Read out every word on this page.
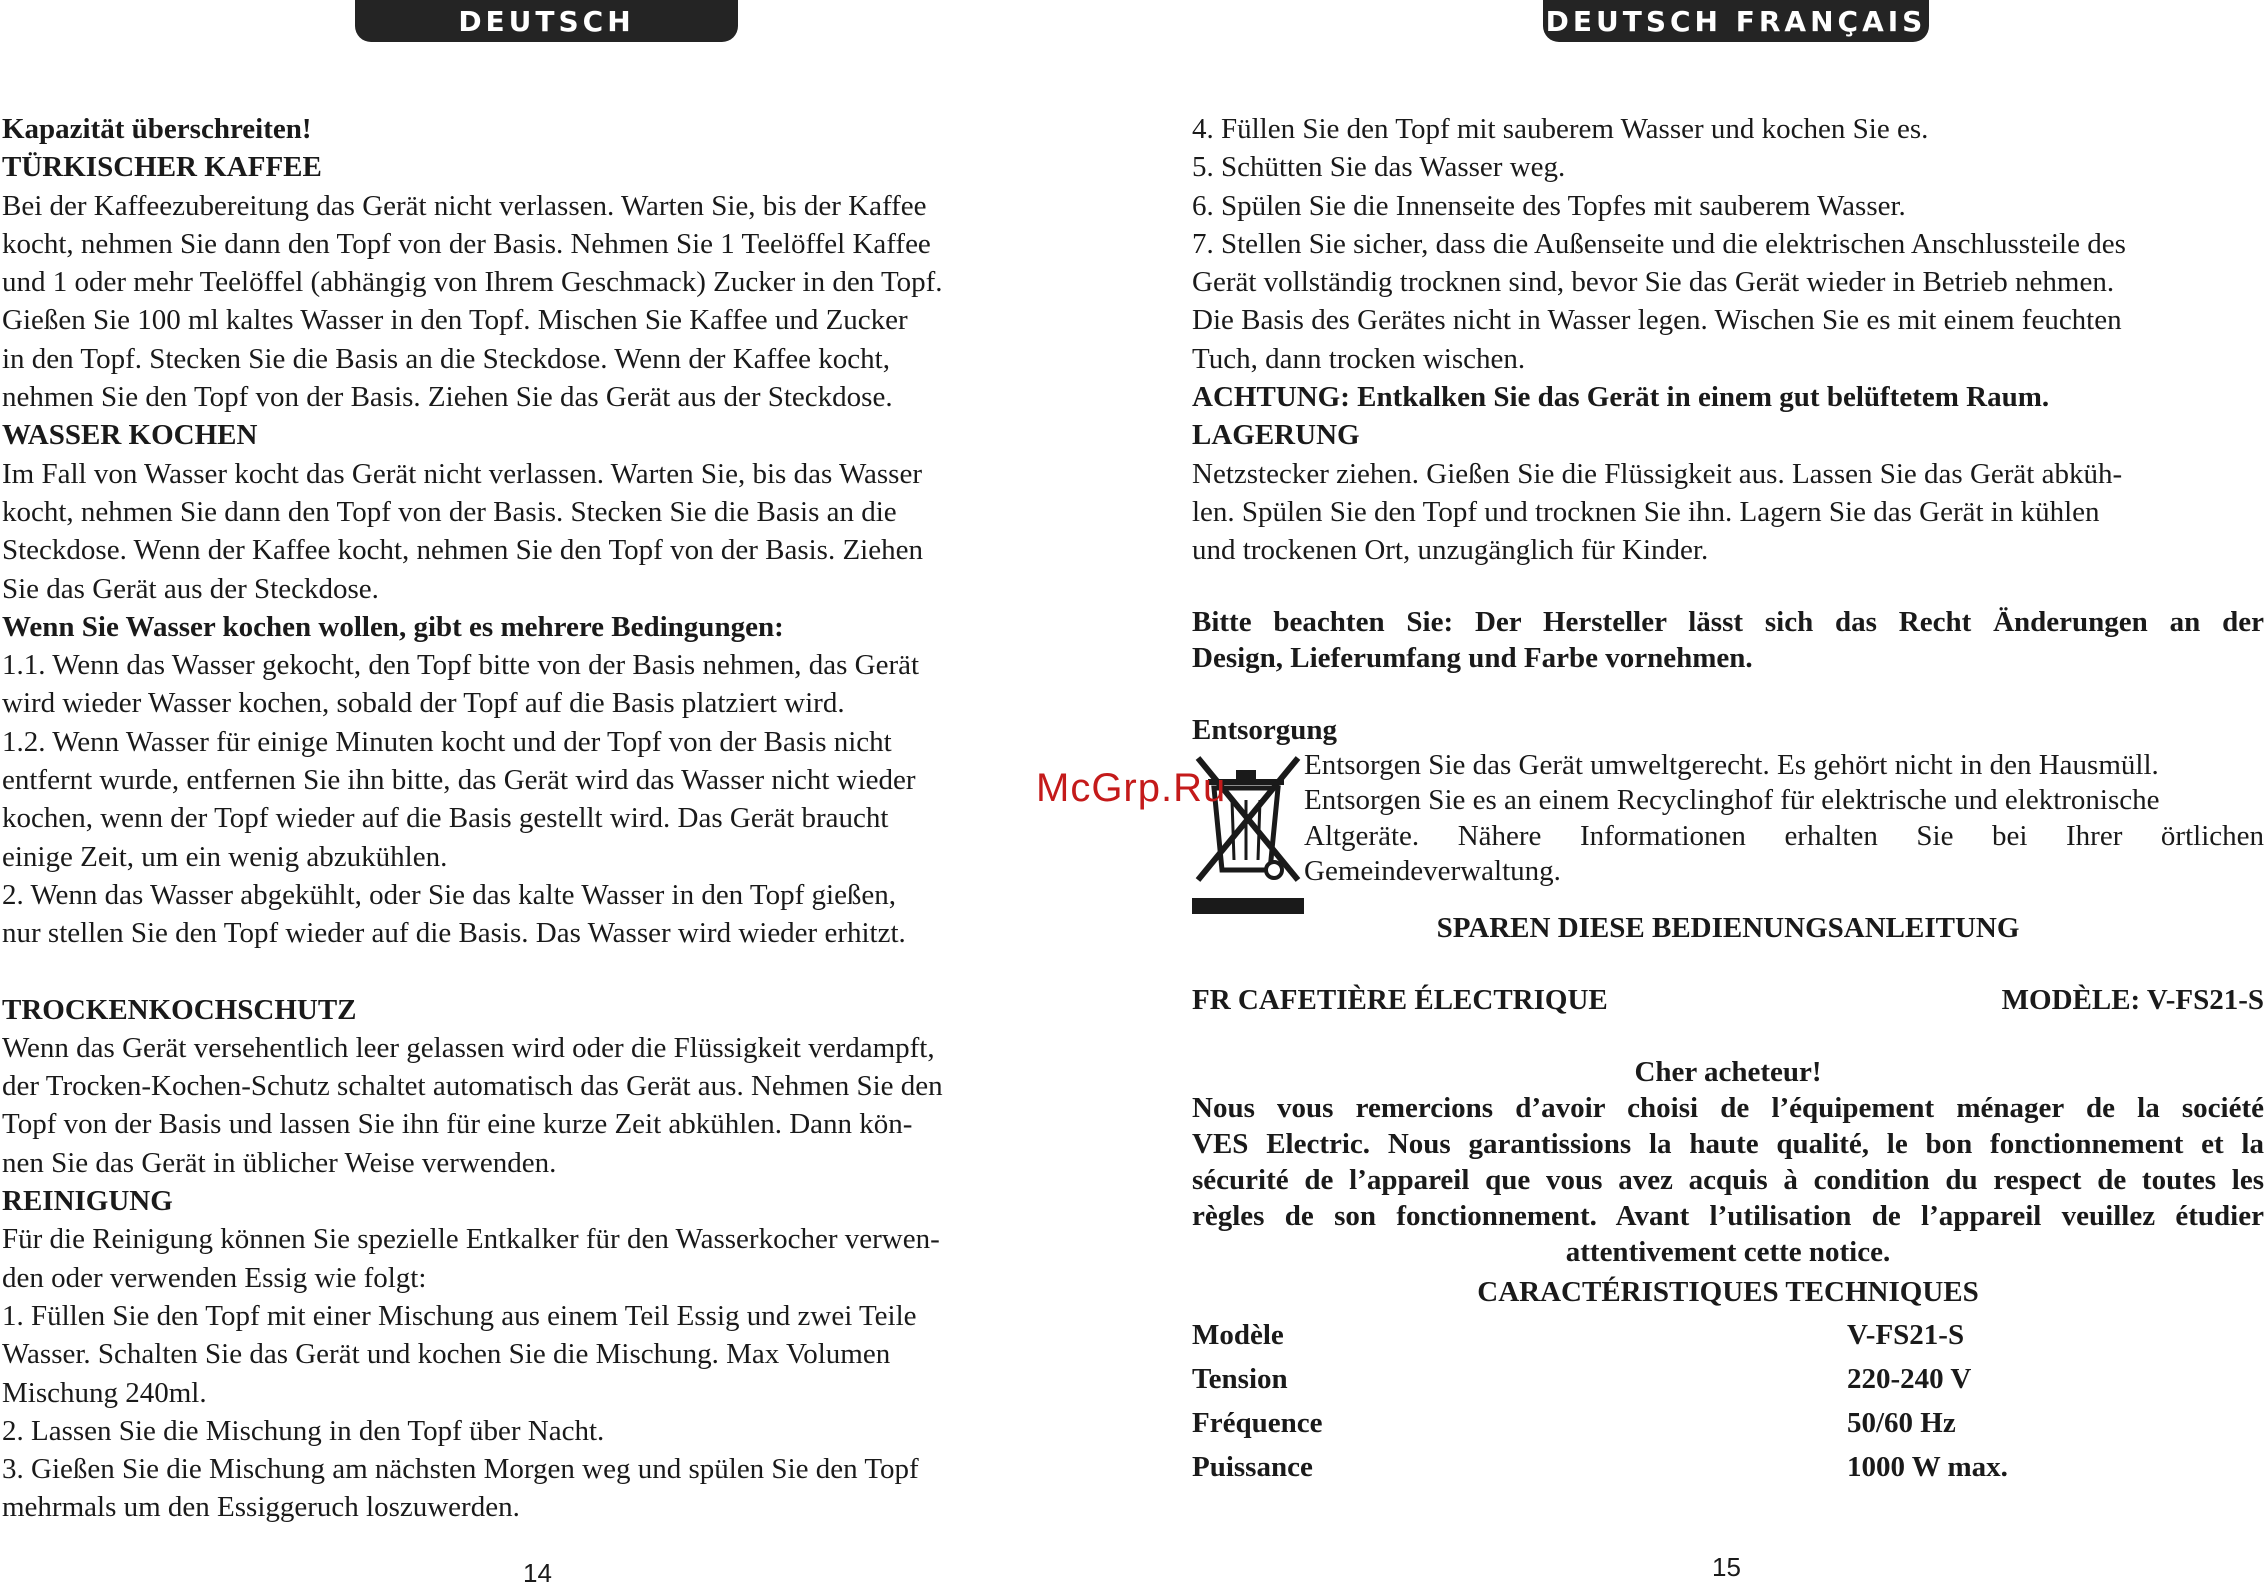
DEUTSCH	DEUTSCH FRANÇAIS

Kapazität überschreiten!

TÜRKISCHER KAFFEE

Bei der Kaffeezubereitung das Gerät nicht verlassen. Warten Sie, bis der Kaffee

kocht, nehmen Sie dann den Topf von der Basis. Nehmen Sie 1 Teelöffel Kaffee

und 1 oder mehr Teelöffel (abhängig von Ihrem Geschmack) Zucker in den Topf.

Gießen Sie 100 ml kaltes Wasser in den Topf. Mischen Sie Kaffee und Zucker

in den Topf. Stecken Sie die Basis an die Steckdose. Wenn der Kaffee kocht,

nehmen Sie den Topf von der Basis. Ziehen Sie das Gerät aus der Steckdose.

WASSER KOCHEN

Im Fall von Wasser kocht das Gerät nicht verlassen. Warten Sie, bis das Wasser

kocht, nehmen Sie dann den Topf von der Basis. Stecken Sie die Basis an die

Steckdose. Wenn der Kaffee kocht, nehmen Sie den Topf von der Basis. Ziehen

Sie das Gerät aus der Steckdose.

Wenn Sie Wasser kochen wollen, gibt es mehrere Bedingungen:

1.1. Wenn das Wasser gekocht, den Topf bitte von der Basis nehmen, das Gerät

wird wieder Wasser kochen, sobald der Topf auf die Basis platziert wird.

1.2. Wenn Wasser für einige Minuten kocht und der Topf von der Basis nicht

entfernt wurde, entfernen Sie ihn bitte, das Gerät wird das Wasser nicht wieder

kochen, wenn der Topf wieder auf die Basis gestellt wird. Das Gerät braucht

einige Zeit, um ein wenig abzukühlen.

2. Wenn das Wasser abgekühlt, oder Sie das kalte Wasser in den Topf gießen,

nur stellen Sie den Topf wieder auf die Basis. Das Wasser wird wieder erhitzt.

TROCKENKOCHSCHUTZ

Wenn das Gerät versehentlich leer gelassen wird oder die Flüssigkeit verdampft,

der Trocken-Kochen-Schutz schaltet automatisch das Gerät aus. Nehmen Sie den

Topf von der Basis und lassen Sie ihn für eine kurze Zeit abkühlen. Dann kön-

nen Sie das Gerät in üblicher Weise verwenden.

REINIGUNG

Für die Reinigung können Sie spezielle Entkalker für den Wasserkocher verwen-

den oder verwenden Essig wie folgt:

1. Füllen Sie den Topf mit einer Mischung aus einem Teil Essig und zwei Teile

Wasser. Schalten Sie das Gerät und kochen Sie die Mischung. Max Volumen

Mischung 240ml.

2. Lassen Sie die Mischung in den Topf über Nacht.

3. Gießen Sie die Mischung am nächsten Morgen weg und spülen Sie den Topf

mehrmals um den Essiggeruch loszuwerden.

14

4. Füllen Sie den Topf mit sauberem Wasser und kochen Sie es.

5. Schütten Sie das Wasser weg.

6. Spülen Sie die Innenseite des Topfes mit sauberem Wasser.

7. Stellen Sie sicher, dass die Außenseite und die elektrischen Anschlussteile des

Gerät vollständig trocknen sind, bevor Sie das Gerät wieder in Betrieb nehmen.

Die Basis des Gerätes nicht in Wasser legen. Wischen Sie es mit einem feuchten

Tuch, dann trocken wischen.

ACHTUNG: Entkalken Sie das Gerät in einem gut belüftetem Raum.

LAGERUNG

Netzstecker ziehen. Gießen Sie die Flüssigkeit aus. Lassen Sie das Gerät abküh-

len. Spülen Sie den Topf und trocknen Sie ihn. Lagern Sie das Gerät in kühlen

und trockenen Ort, unzugänglich für Kinder.

Bitte beachten Sie: Der Hersteller lässt sich das Recht Änderungen an der

Design, Lieferumfang und Farbe vornehmen.

Entsorgung

Entsorgen Sie das Gerät umweltgerecht. Es gehört nicht in den Hausmüll.

Entsorgen Sie es an einem Recyclinghof für elektrische und elektronische

Altgeräte. Nähere Informationen erhalten Sie bei Ihrer örtlichen

Gemeindeverwaltung.

SPAREN DIESE BEDIENUNGSANLEITUNG

FR CAFETIÈRE ÉLECTRIQUE	MODÈLE: V-FS21-S

Cher acheteur!

Nous vous remercions d’avoir choisi de l’équipement ménager de la société

VES Electric. Nous garantissions la haute qualité, le bon fonctionnement et la

sécurité de l’appareil que vous avez acquis à condition du respect de toutes les

règles de son fonctionnement. Avant l’utilisation de l’appareil veuillez étudier

attentivement cette notice.

CARACTÉRISTIQUES TECHNIQUES

Modèle	V-FS21-S
Tension	220-240 V
Fréquence	50/60 Hz
Puissance	1000 W max.
15
McGrp.Ru
